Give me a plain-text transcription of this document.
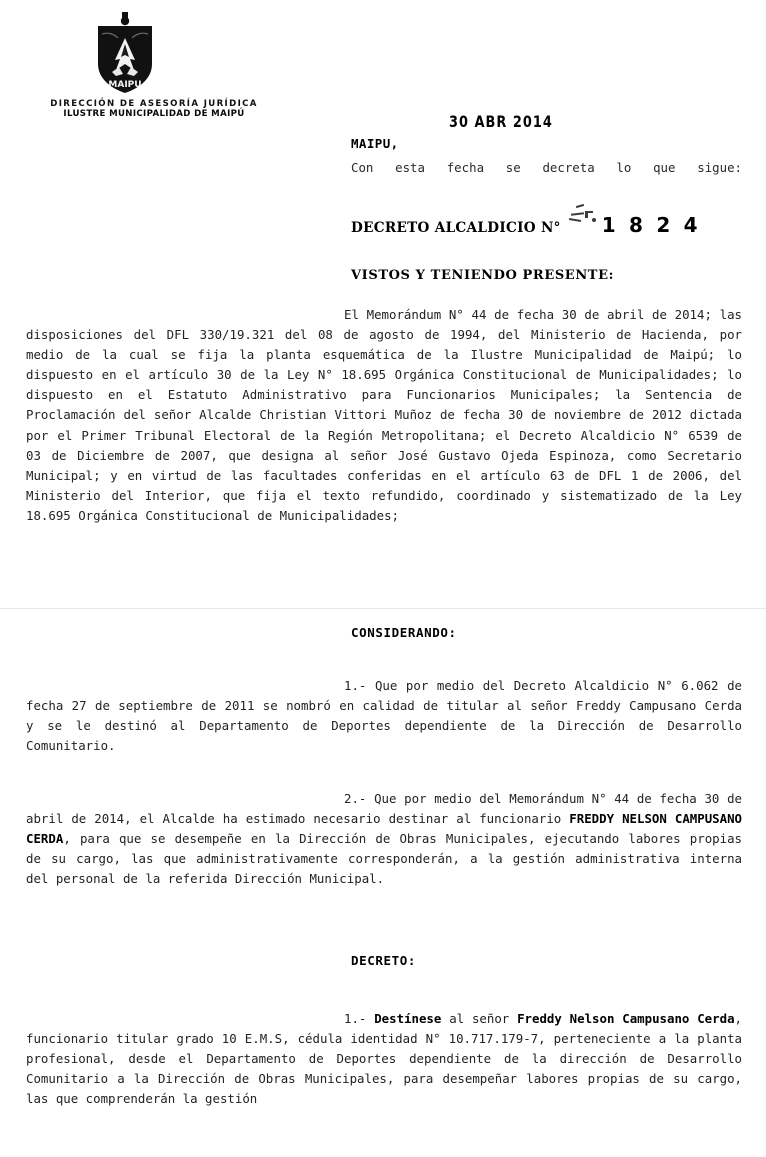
MAIPU
DIRECCIÓN DE ASESORÍA JURÍDICA
ILUSTRE MUNICIPALIDAD DE MAIPÚ	30 ABR 2014
MAIPU,
Con esta fecha se decreta lo que sigue:
DECRETO ALCALDICIO N° 1 8 2 4
VISTOS Y TENIENDO PRESENTE:
El Memorándum N° 44 de fecha 30 de abril de 2014; las disposiciones del DFL 330/19.321 del 08 de agosto de 1994, del Ministerio de Hacienda, por medio de la cual se fija la planta esquemática de la Ilustre Municipalidad de Maipú; lo dispuesto en el artículo 30 de la Ley N° 18.695 Orgánica Constitucional de Municipalidades; lo dispuesto en el Estatuto Administrativo para Funcionarios Municipales; la Sentencia de Proclamación del señor Alcalde Christian Vittori Muñoz de fecha 30 de noviembre de 2012 dictada por el Primer Tribunal Electoral de la Región Metropolitana; el Decreto Alcaldicio N° 6539 de 03 de Diciembre de 2007, que designa al señor José Gustavo Ojeda Espinoza, como Secretario Municipal; y en virtud de las facultades conferidas en el artículo 63 de DFL 1 de 2006, del Ministerio del Interior, que fija el texto refundido, coordinado y sistematizado de la Ley 18.695 Orgánica Constitucional de Municipalidades;
CONSIDERANDO:
1.- Que por medio del Decreto Alcaldicio N° 6.062 de fecha 27 de septiembre de 2011 se nombró en calidad de titular al señor Freddy Campusano Cerda y se le destinó al Departamento de Deportes dependiente de la Dirección de Desarrollo Comunitario.
2.- Que por medio del Memorándum N° 44 de fecha 30 de abril de 2014, el Alcalde ha estimado necesario destinar al funcionario FREDDY NELSON CAMPUSANO CERDA, para que se desempeñe en la Dirección de Obras Municipales, ejecutando labores propias de su cargo, las que administrativamente corresponderán, a la gestión administrativa interna del personal de la referida Dirección Municipal.
DECRETO:
1.- Destínese al señor Freddy Nelson Campusano Cerda, funcionario titular grado 10 E.M.S, cédula identidad N° 10.717.179-7, perteneciente a la planta profesional, desde el Departamento de Deportes dependiente de la dirección de Desarrollo Comunitario a la Dirección de Obras Municipales, para desempeñar labores propias de su cargo, las que comprenderán la gestión
